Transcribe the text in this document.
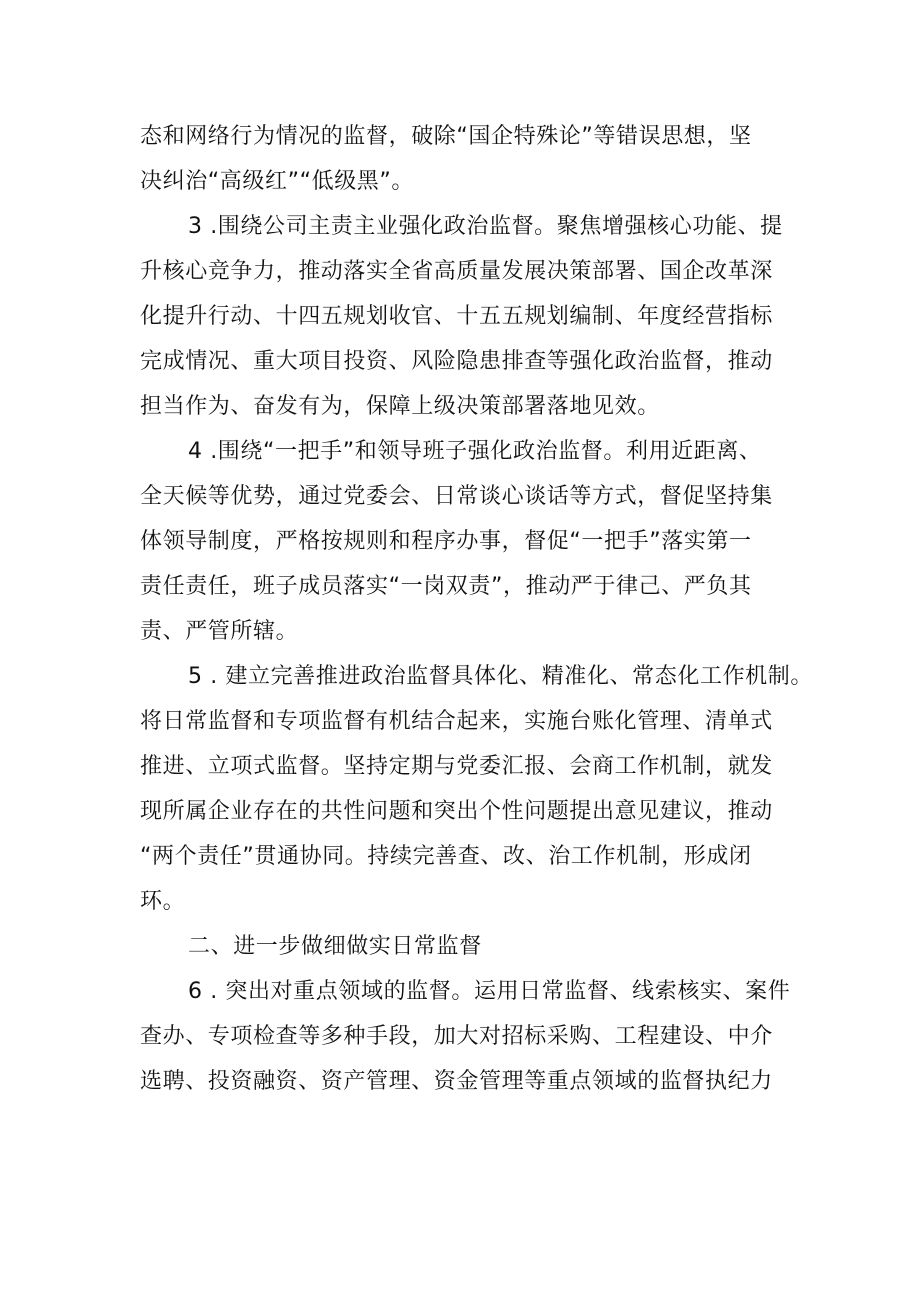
态和网络行为情况的监督，破除“国企特殊论”等错误思想，坚
决纠治“高级红”“低级黑”。
3 .围绕公司主责主业强化政治监督。聚焦增强核心功能、提
升核心竞争力，推动落实全省高质量发展决策部署、国企改革深
化提升行动、十四五规划收官、十五五规划编制、年度经营指标
完成情况、重大项目投资、风险隐患排查等强化政治监督，推动
担当作为、奋发有为，保障上级决策部署落地见效。
4 .围绕“一把手”和领导班子强化政治监督。利用近距离、
全天候等优势，通过党委会、日常谈心谈话等方式，督促坚持集
体领导制度，严格按规则和程序办事，督促“一把手”落实第一
责任责任，班子成员落实“一岗双责”，推动严于律己、严负其
责、严管所辖。
5 . 建立完善推进政治监督具体化、精准化、常态化工作机制。
将日常监督和专项监督有机结合起来，实施台账化管理、清单式
推进、立项式监督。坚持定期与党委汇报、会商工作机制，就发
现所属企业存在的共性问题和突出个性问题提出意见建议，推动
“两个责任”贯通协同。持续完善查、改、治工作机制，形成闭
环。
二、进一步做细做实日常监督
6 . 突出对重点领域的监督。运用日常监督、线索核实、案件
查办、专项检查等多种手段，加大对招标采购、工程建设、中介
选聘、投资融资、资产管理、资金管理等重点领域的监督执纪力
